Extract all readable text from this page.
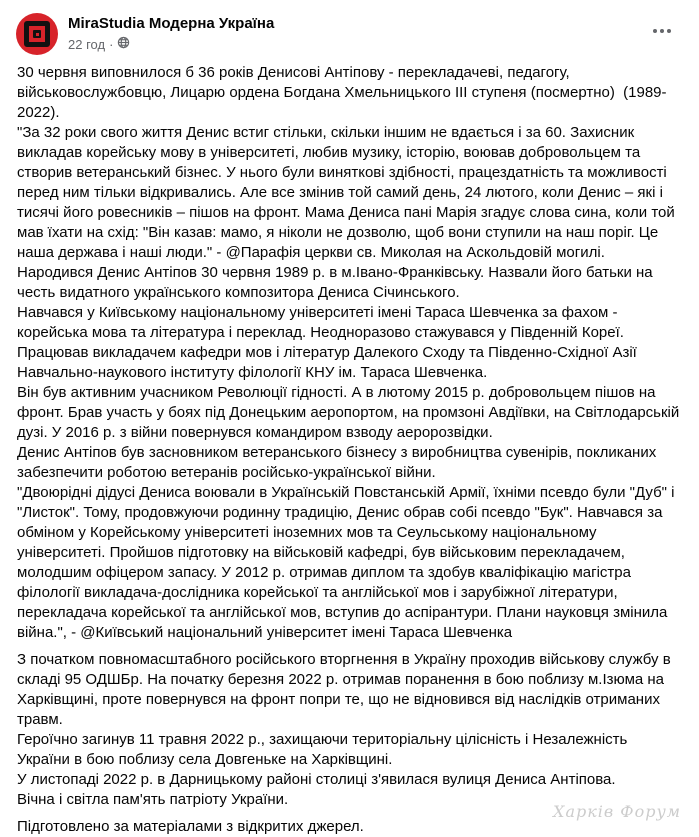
MiraStudia Модерна Україна
22 год ·

30 червня виповнилося б 36 років Денисові Антіпову - перекладачеві, педагогу, військовослужбовцю, Лицарю ордена Богдана Хмельницького ІІІ ступеня (посмертно)  (1989-2022).

"За 32 роки свого життя Денис встиг стільки, скільки іншим не вдається і за 60. Захисник викладав корейську мову в університеті, любив музику, історію, воював добровольцем та створив ветеранський бізнес. У нього були виняткові здібності, працездатність та можливості перед ним тільки відкривались. Але все змінив той самий день, 24 лютого, коли Денис – які і тисячі його ровесників – пішов на фронт. Мама Дениса пані Марія згадує слова сина, коли той мав їхати на схід: "Він казав: мамо, я ніколи не дозволю, щоб вони ступили на наш поріг. Це наша держава і наші люди." - @Парафія церкви св. Миколая на Аскольдовій могилі.

Народився Денис Антіпов 30 червня 1989 р. в м.Івано-Франківську. Назвали його батьки на честь видатного українського композитора Дениса Січинського.

Навчався у Київському національному університеті імені Тараса Шевченка за фахом -  корейська мова та література і переклад. Неодноразово стажувався у Південній Кореї. Працював викладачем кафедри мов і літератур Далекого Сходу та Південно-Східної Азії Навчально-наукового інституту філології КНУ ім. Тараса Шевченка.

Він був активним учасником Революції гідності. А в лютому 2015 р. добровольцем пішов на фронт. Брав участь у боях під Донецьким аеропортом, на промзоні Авдіївки, на Світлодарській дузі. У 2016 р. з війни повернувся командиром взводу аеророзвідки.

Денис Антіпов був засновником ветеранського бізнесу з виробництва сувенірів, покликаних забезпечити роботою ветеранів російсько-української війни.

"Двоюрідні дідусі Дениса воювали в Українській Повстанській Армії, їхніми псевдо були "Дуб" і "Листок". Тому, продовжуючи родинну традицію, Денис обрав собі псевдо "Бук". Навчався за обміном у Корейському університеті іноземних мов та Сеульському національному університеті. Пройшов підготовку на військовій кафедрі, був військовим перекладачем, молодшим офіцером запасу. У 2012 р. отримав диплом та здобув кваліфікацію магістра філології викладача-дослідника корейської та англійської мов і зарубіжної літератури, перекладача корейської та англійської мов, вступив до аспірантури. Плани науковця змінила війна.", - @Київський національний університет імені Тараса Шевченка

З початком повномасштабного російського вторгнення в Україну проходив військову службу в складі 95 ОДШБр. На початку березня 2022 р. отримав поранення в бою поблизу м.Ізюма на Харківщині, проте повернувся на фронт попри те, що не відновився від наслідків отриманих травм.

Героїчно загинув 11 травня 2022 р., захищаючи територіальну цілісність і Незалежність України в бою поблизу села Довгеньке на Харківщині.

У листопаді 2022 р. в Дарницькому районі столиці з'явилася вулиця Дениса Антіпова.

Вічна і світла пам'ять патріоту України.

Підготовлено за матеріалами з відкритих джерел.

Харків Форум
